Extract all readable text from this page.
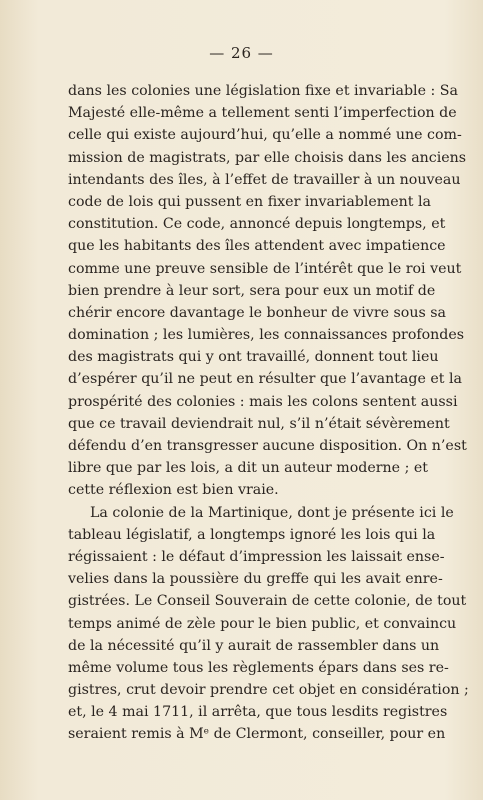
— 26 —
dans les colonies une législation fixe et invariable : Sa
Majesté elle-même a tellement senti l’imperfection de
celle qui existe aujourd’hui, qu’elle a nommé une com-
mission de magistrats, par elle choisis dans les anciens
intendants des îles, à l’effet de travailler à un nouveau
code de lois qui pussent en fixer invariablement la
constitution. Ce code, annoncé depuis longtemps, et
que les habitants des îles attendent avec impatience
comme une preuve sensible de l’intérêt que le roi veut
bien prendre à leur sort, sera pour eux un motif de
chérir encore davantage le bonheur de vivre sous sa
domination ; les lumières, les connaissances profondes
des magistrats qui y ont travaillé, donnent tout lieu
d’espérer qu’il ne peut en résulter que l’avantage et la
prospérité des colonies : mais les colons sentent aussi
que ce travail deviendrait nul, s’il n’était sévèrement
défendu d’en transgresser aucune disposition. On n’est
libre que par les lois, a dit un auteur moderne ; et
cette réflexion est bien vraie.
La colonie de la Martinique, dont je présente ici le
tableau législatif, a longtemps ignoré les lois qui la
régissaient : le défaut d’impression les laissait ense-
velies dans la poussière du greffe qui les avait enre-
gistrées. Le Conseil Souverain de cette colonie, de tout
temps animé de zèle pour le bien public, et convaincu
de la nécessité qu’il y aurait de rassembler dans un
même volume tous les règlements épars dans ses re-
gistres, crut devoir prendre cet objet en considération ;
et, le 4 mai 1711, il arrêta, que tous lesdits registres
seraient remis à Mᵉ de Clermont, conseiller, pour en
